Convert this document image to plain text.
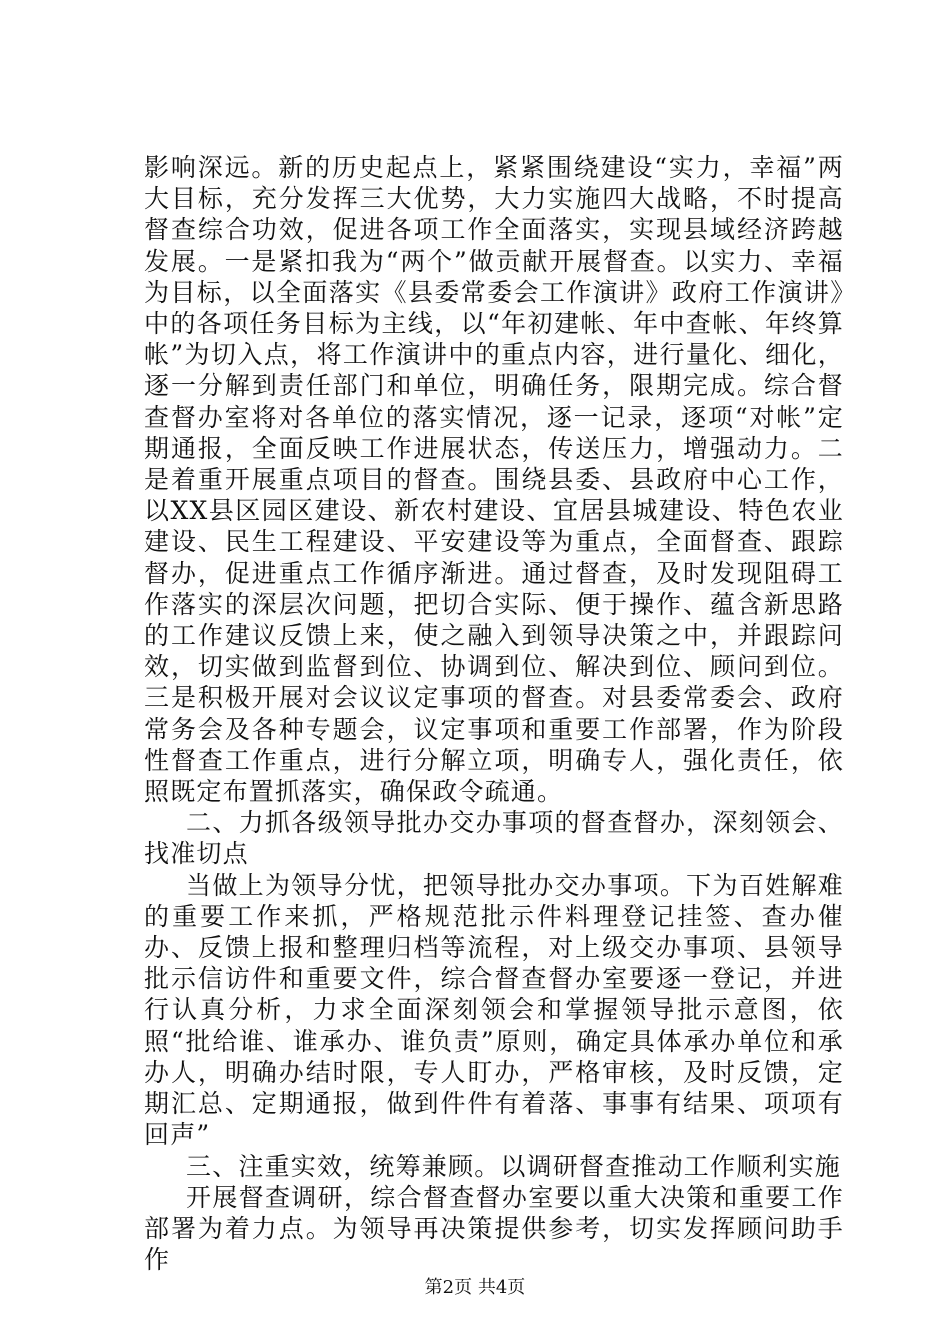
影响深远。新的历史起点上，紧紧围绕建设“实力，幸福”两大目标，充分发挥三大优势，大力实施四大战略，不时提高督查综合功效，促进各项工作全面落实，实现县域经济跨越发展。一是紧扣我为“两个”做贡献开展督查。以实力、幸福为目标，以全面落实《县委常委会工作演讲》政府工作演讲》中的各项任务目标为主线，以“年初建帐、年中查帐、年终算帐”为切入点，将工作演讲中的重点内容，进行量化、细化，逐一分解到责任部门和单位，明确任务，限期完成。综合督查督办室将对各单位的落实情况，逐一记录，逐项“对帐”定期通报，全面反映工作进展状态，传送压力，增强动力。二是着重开展重点项目的督查。围绕县委、县政府中心工作，以XX县区园区建设、新农村建设、宜居县城建设、特色农业建设、民生工程建设、平安建设等为重点，全面督查、跟踪督办，促进重点工作循序渐进。通过督查，及时发现阻碍工作落实的深层次问题，把切合实际、便于操作、蕴含新思路的工作建议反馈上来，使之融入到领导决策之中，并跟踪问效，切实做到监督到位、协调到位、解决到位、顾问到位。三是积极开展对会议议定事项的督查。对县委常委会、政府常务会及各种专题会，议定事项和重要工作部署，作为阶段性督查工作重点，进行分解立项，明确专人，强化责任，依照既定布置抓落实，确保政令疏通。

二、力抓各级领导批办交办事项的督查督办，深刻领会、找准切点

当做上为领导分忧，把领导批办交办事项。下为百姓解难的重要工作来抓，严格规范批示件料理登记挂签、查办催办、反馈上报和整理归档等流程，对上级交办事项、县领导批示信访件和重要文件，综合督查督办室要逐一登记，并进行认真分析，力求全面深刻领会和掌握领导批示意图，依照“批给谁、谁承办、谁负责”原则，确定具体承办单位和承办人，明确办结时限，专人盯办，严格审核，及时反馈，定期汇总、定期通报，做到件件有着落、事事有结果、项项有回声”

三、注重实效，统筹兼顾。以调研督查推动工作顺利实施

开展督查调研，综合督查督办室要以重大决策和重要工作部署为着力点。为领导再决策提供参考，切实发挥顾问助手作

第2页 共4页
